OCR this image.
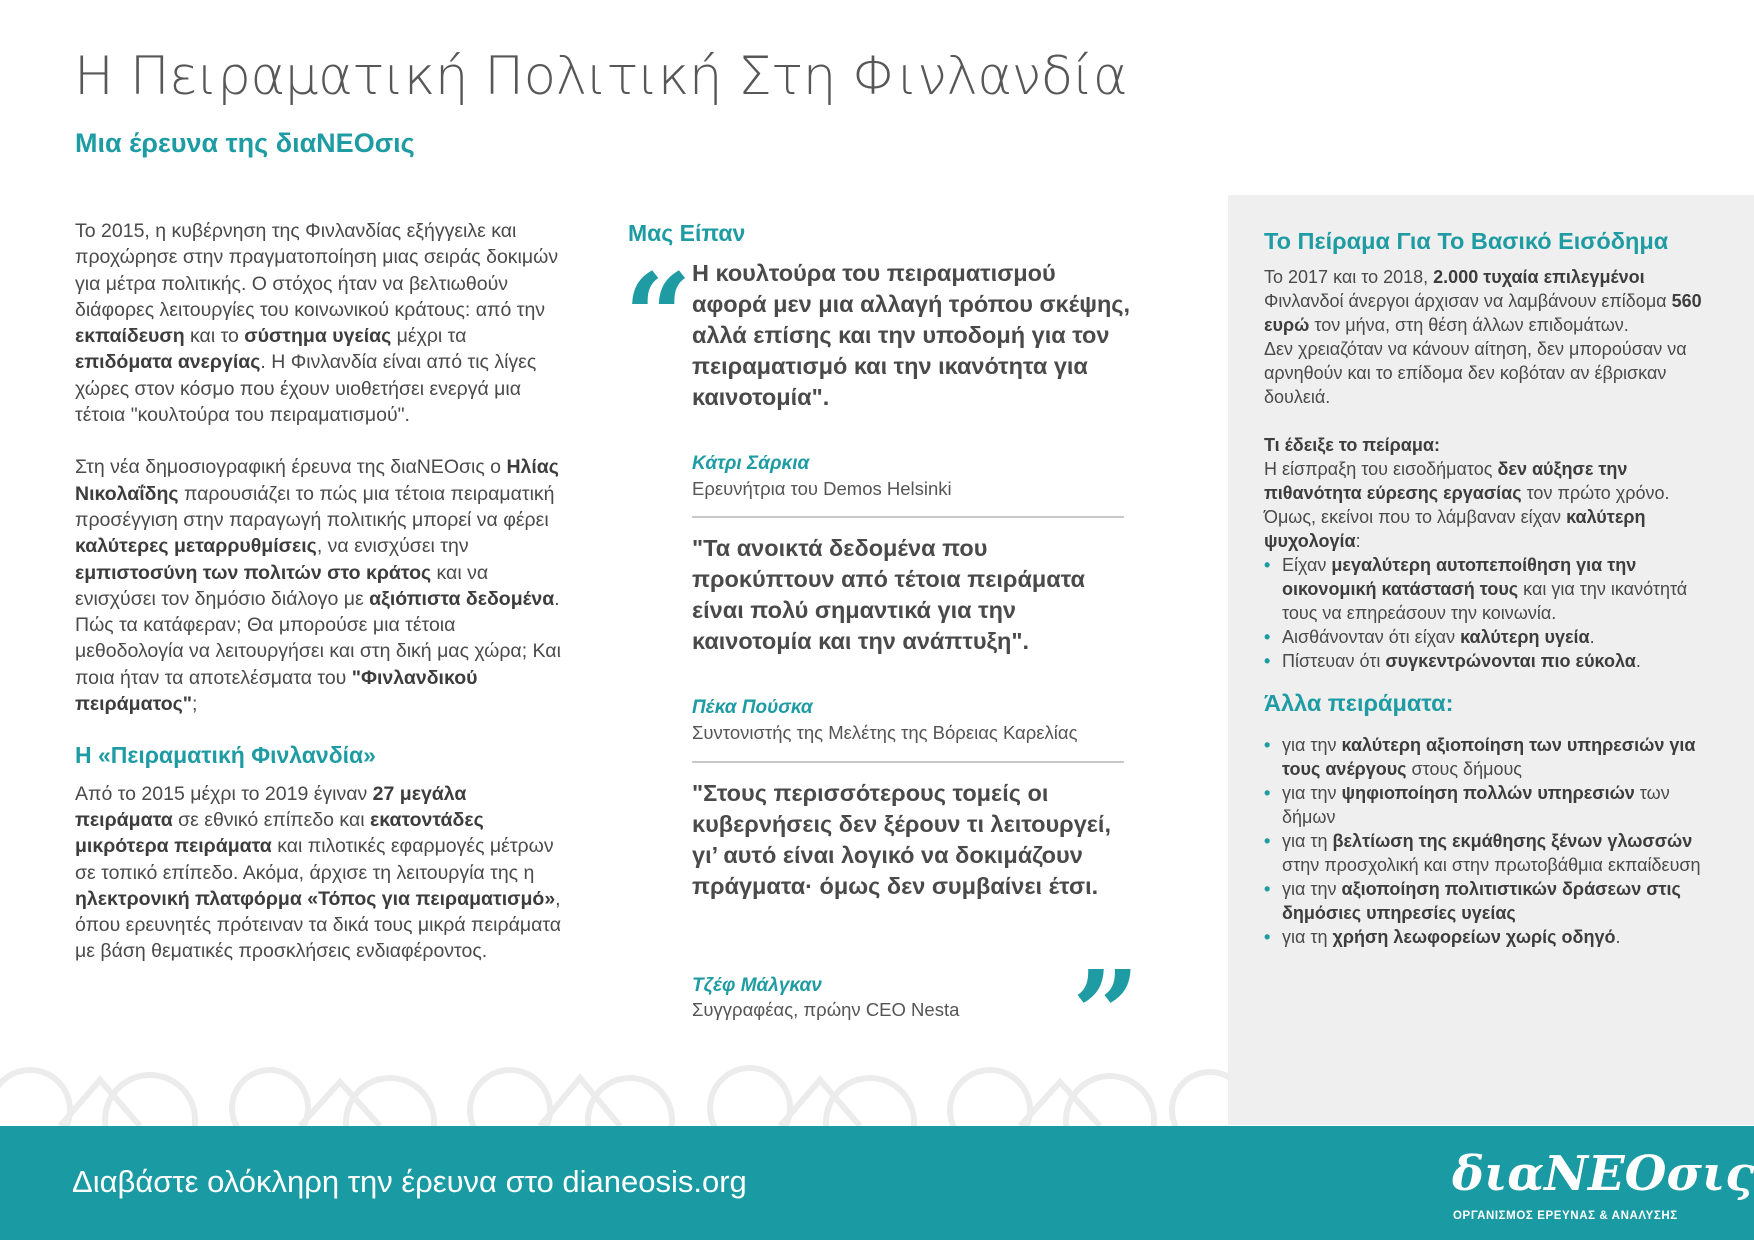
Η Πειραματική Πολιτική Στη Φινλανδία
Μια έρευνα της διαΝΕΟσις

Το 2015, η κυβέρνηση της Φινλανδίας εξήγγειλε και προχώρησε στην πραγματοποίηση μιας σειράς δοκιμών για μέτρα πολιτικής. Ο στόχος ήταν να βελτιωθούν διάφορες λειτουργίες του κοινωνικού κράτους: από την εκπαίδευση και το σύστημα υγείας μέχρι τα επιδόματα ανεργίας. Η Φινλανδία είναι από τις λίγες χώρες στον κόσμο που έχουν υιοθετήσει ενεργά μια τέτοια "κουλτούρα του πειραματισμού".

Στη νέα δημοσιογραφική έρευνα της διαΝΕΟσις ο Ηλίας Νικολαΐδης παρουσιάζει το πώς μια τέτοια πειραματική προσέγγιση στην παραγωγή πολιτικής μπορεί να φέρει καλύτερες μεταρρυθμίσεις, να ενισχύσει την εμπιστοσύνη των πολιτών στο κράτος και να ενισχύσει τον δημόσιο διάλογο με αξιόπιστα δεδομένα. Πώς τα κατάφεραν; Θα μπορούσε μια τέτοια μεθοδολογία να λειτουργήσει και στη δική μας χώρα; Και ποια ήταν τα αποτελέσματα του "Φινλανδικού πειράματος";

Η «Πειραματική Φινλανδία»

Από το 2015 μέχρι το 2019 έγιναν 27 μεγάλα πειράματα σε εθνικό επίπεδο και εκατοντάδες μικρότερα πειράματα και πιλοτικές εφαρμογές μέτρων σε τοπικό επίπεδο. Ακόμα, άρχισε τη λειτουργία της η ηλεκτρονική πλατφόρμα «Τόπος για πειραματισμό», όπου ερευνητές πρότειναν τα δικά τους μικρά πειράματα με βάση θεματικές προσκλήσεις ενδιαφέροντος.

Μας Είπαν
“ Η κουλτούρα του πειραματισμού αφορά μεν μια αλλαγή τρόπου σκέψης, αλλά επίσης και την υποδομή για τον πειραματισμό και την ικανότητα για καινοτομία".
Κάτρι Σάρκια
Ερευνήτρια του Demos Helsinki
"Τα ανοικτά δεδομένα που προκύπτουν από τέτοια πειράματα είναι πολύ σημαντικά για την καινοτομία και την ανάπτυξη".
Πέκα Πούσκα
Συντονιστής της Μελέτης της Βόρειας Καρελίας
"Στους περισσότερους τομείς οι κυβερνήσεις δεν ξέρουν τι λειτουργεί, γι’ αυτό είναι λογικό να δοκιμάζουν πράγματα· όμως δεν συμβαίνει έτσι.
Τζέφ Μάλγκαν
Συγγραφέας, πρώην CEO Nesta ”
Το Πείραμα Για Το Βασικό Εισόδημα

Το 2017 και το 2018, 2.000 τυχαία επιλεγμένοι Φινλανδοί άνεργοι άρχισαν να λαμβάνουν επίδομα 560 ευρώ τον μήνα, στη θέση άλλων επιδομάτων.

Δεν χρειαζόταν να κάνουν αίτηση, δεν μπορούσαν να αρνηθούν και το επίδομα δεν κοβόταν αν έβρισκαν δουλειά.

Τι έδειξε το πείραμα:

Η είσπραξη του εισοδήματος δεν αύξησε την πιθανότητα εύρεσης εργασίας τον πρώτο χρόνο. Όμως, εκείνοι που το λάμβαναν είχαν καλύτερη ψυχολογία:

• Είχαν μεγαλύτερη αυτοπεποίθηση για την οικονομική κατάστασή τους και για την ικανότητά τους να επηρεάσουν την κοινωνία.
• Αισθάνονταν ότι είχαν καλύτερη υγεία.
• Πίστευαν ότι συγκεντρώνονται πιο εύκολα.
Άλλα πειράματα:
• για την καλύτερη αξιοποίηση των υπηρεσιών για τους ανέργους στους δήμους
• για την ψηφιοποίηση πολλών υπηρεσιών των δήμων
• για τη βελτίωση της εκμάθησης ξένων γλωσσών στην προσχολική και στην πρωτοβάθμια εκπαίδευση
• για την αξιοποίηση πολιτιστικών δράσεων στις δημόσιες υπηρεσίες υγείας
• για τη χρήση λεωφορείων χωρίς οδηγό.
Διαβάστε ολόκληρη την έρευνα στο dianeosis.org	διαΝΕΟσις
ΟΡΓΑΝΙΣΜΟΣ ΕΡΕΥΝΑΣ & ΑΝΑΛΥΣΗΣ
